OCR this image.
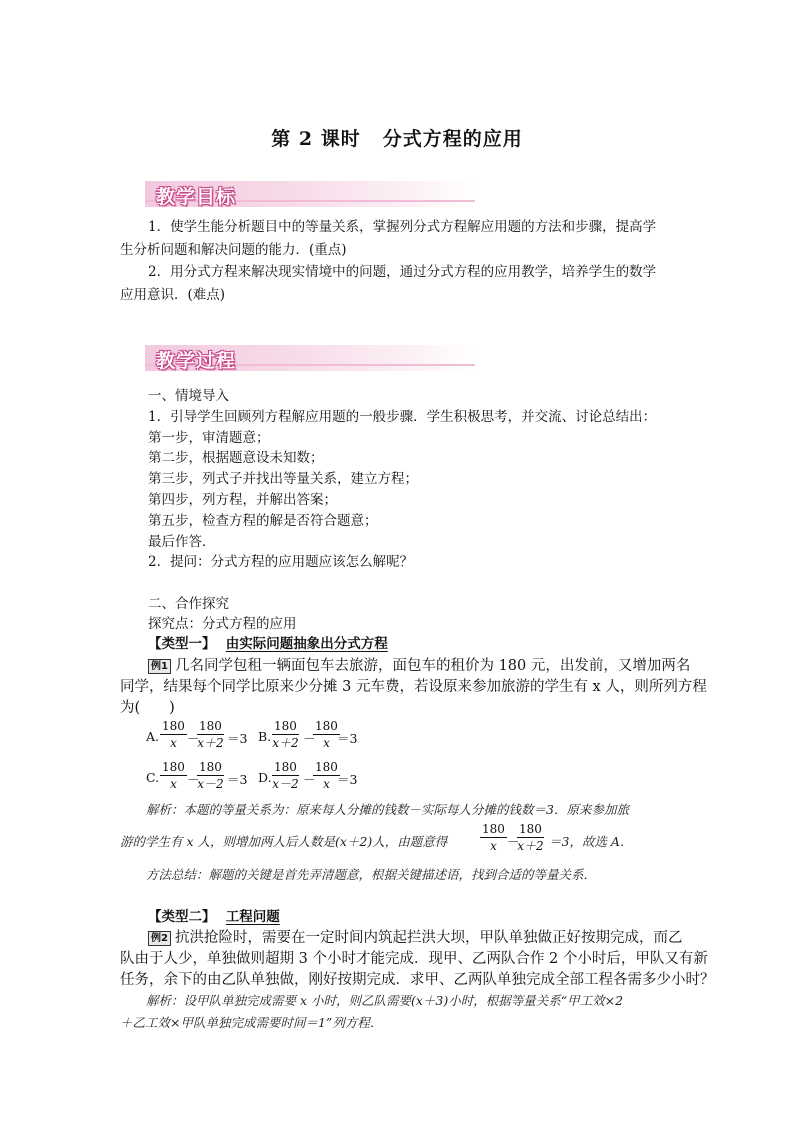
第 2 课时 分式方程的应用
教学目标
1．使学生能分析题目中的等量关系，掌握列分式方程解应用题的方法和步骤，提高学
生分析问题和解决问题的能力．(重点)
2．用分式方程来解决现实情境中的问题，通过分式方程的应用教学，培养学生的数学
应用意识．(难点)
教学过程
一、情境导入
1．引导学生回顾列方程解应用题的一般步骤．学生积极思考，并交流、讨论总结出：
第一步，审清题意；
第二步，根据题意设未知数；
第三步，列式子并找出等量关系，建立方程；
第四步，列方程，并解出答案；
第五步，检查方程的解是否符合题意；
最后作答．
2．提问：分式方程的应用题应该怎么解呢？
二、合作探究
探究点：分式方程的应用
【类型一】 由实际问题抽象出分式方程
例1 几名同学包租一辆面包车去旅游，面包车的租价为 180 元，出发前，又增加两名
同学，结果每个同学比原来少分摊 3 元车费，若设原来参加旅游的学生有 x 人，则所列方程
为(　　)
A. $\frac{180}{x}$ －
$\frac{180}{x+2} =3$ B. $\frac{180}{x+2}$ －
$\frac{180}{x}$
＝3
C. $\frac{180}{x}$ －
$\frac{180}{x-2} =3$ D. $\frac{180}{x-2}$ －
$\frac{180}{x}$
＝3
解析：本题的等量关系为：原来每人分摊的钱数－实际每人分摊的钱数＝3．原来参加旅
游的学生有 x 人，则增加两人后人数是(x＋2)人，由题意得	$\frac{180}{x}$ －
$\frac{180}{x+2} =3$，故选 A．
方法总结：解题的关键是首先弄清题意，根据关键描述语，找到合适的等量关系．
【类型二】 工程问题
例2 抗洪抢险时，需要在一定时间内筑起拦洪大坝，甲队单独做正好按期完成，而乙
队由于人少，单独做则超期 3 个小时才能完成．现甲、乙两队合作 2 个小时后，甲队又有新
任务，余下的由乙队单独做，刚好按期完成．求甲、乙两队单独完成全部工程各需多少小时？
解析：设甲队单独完成需要 x 小时，则乙队需要(x＋3)小时，根据等量关系“甲工效×2
＋乙工效×甲队单独完成需要时间＝1”列方程．
